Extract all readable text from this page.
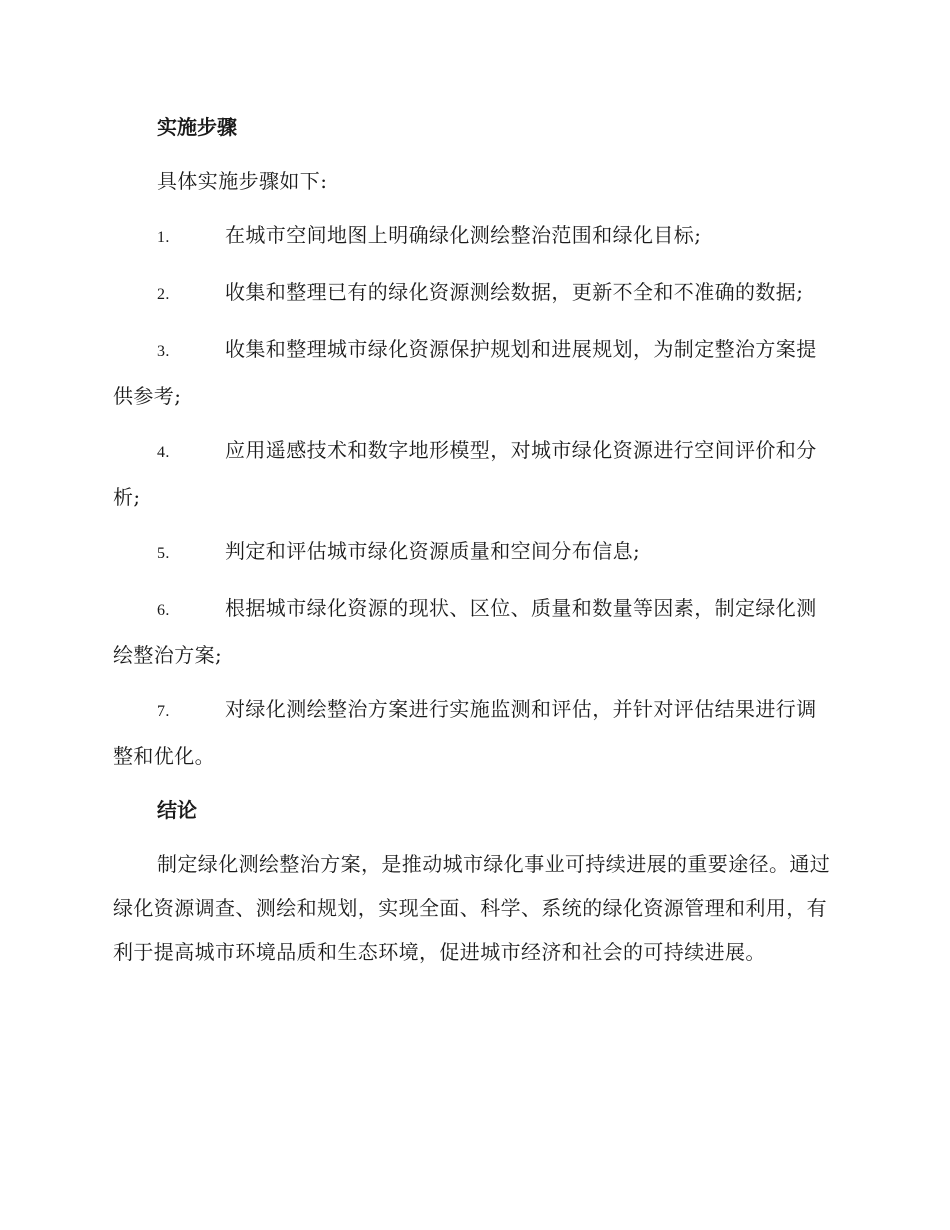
实施步骤

具体实施步骤如下:

1.	在城市空间地图上明确绿化测绘整治范围和绿化目标;
2.	收集和整理已有的绿化资源测绘数据，更新不全和不准确的数据;
3.	收集和整理城市绿化资源保护规划和进展规划，为制定整治方案提供参考;
4.	应用遥感技术和数字地形模型，对城市绿化资源进行空间评价和分析;
5.	判定和评估城市绿化资源质量和空间分布信息;
6.	根据城市绿化资源的现状、区位、质量和数量等因素，制定绿化测绘整治方案;
7.	对绿化测绘整治方案进行实施监测和评估，并针对评估结果进行调整和优化。
结论

制定绿化测绘整治方案，是推动城市绿化事业可持续进展的重要途径。通过绿化资源调查、测绘和规划，实现全面、科学、系统的绿化资源管理和利用，有利于提高城市环境品质和生态环境，促进城市经济和社会的可持续进展。
